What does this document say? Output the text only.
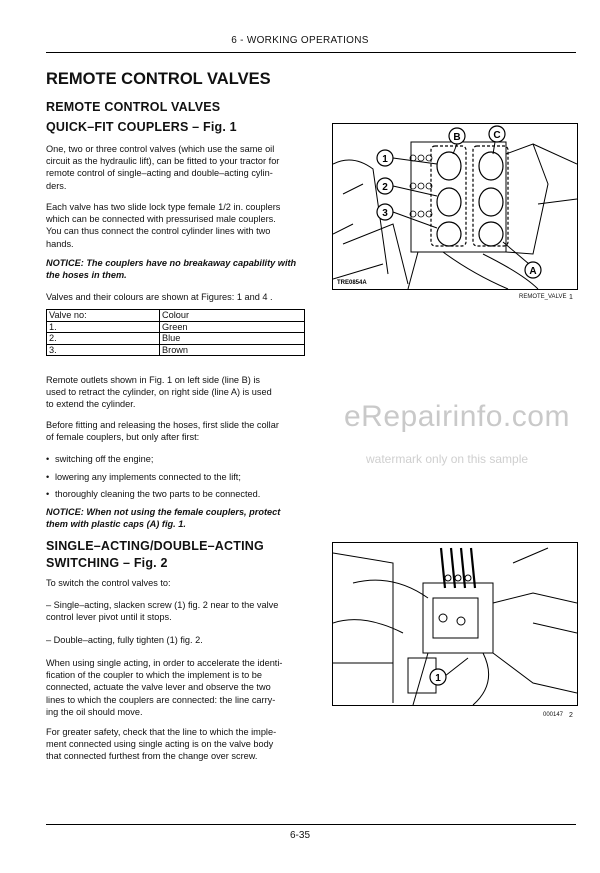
6 - WORKING OPERATIONS
REMOTE CONTROL VALVES
REMOTE CONTROL VALVES
QUICK–FIT COUPLERS – Fig. 1
One, two or three control valves (which use the same oil
circuit as the hydraulic lift), can be fitted to your tractor for
remote control of single–acting and double–acting cylin-
ders.
Each valve has two slide lock type female 1/2 in. couplers
which can be connected with pressurised male couplers.
You can thus connect the control cylinder lines with two
hands.
NOTICE: The couplers have no breakaway capability with
the hoses in them.
Valves and their colours are shown at Figures: 1 and 4 .
Valve no:	Colour
1.	Green
2.	Blue
3.	Brown
Remote outlets shown in Fig. 1 on left side (line B) is
used to retract the cylinder, on right side (line A) is used
to extend the cylinder.
Before fitting and releasing the hoses, first slide the collar
of female couplers, but only after first:
• switching off the engine;
• lowering any implements connected to the lift;
• thoroughly cleaning the two parts to be connected.
NOTICE: When not using the female couplers, protect
them with plastic caps (A) fig. 1.
SINGLE–ACTING/DOUBLE–ACTING
SWITCHING – Fig. 2
To switch the control valves to:
– Single–acting, slacken screw (1) fig. 2 near to the valve
control lever pivot until it stops.
– Double–acting, fully tighten (1) fig. 2.
When using single acting, in order to accelerate the identi-
fication of the coupler to which the implement is to be
connected, actuate the valve lever and observe the two
lines to which the couplers are connected: the line carry-
ing the oil should move.
For greater safety, check that the line to which the imple-
ment connected using single acting is on the valve body
that connected furthest from the change over screw.
B	C
1
2
3
A
TRE0854A
REMOTE_VALVE 1
1
000147 2
eRepairinfo.com
watermark only on this sample
6-35
